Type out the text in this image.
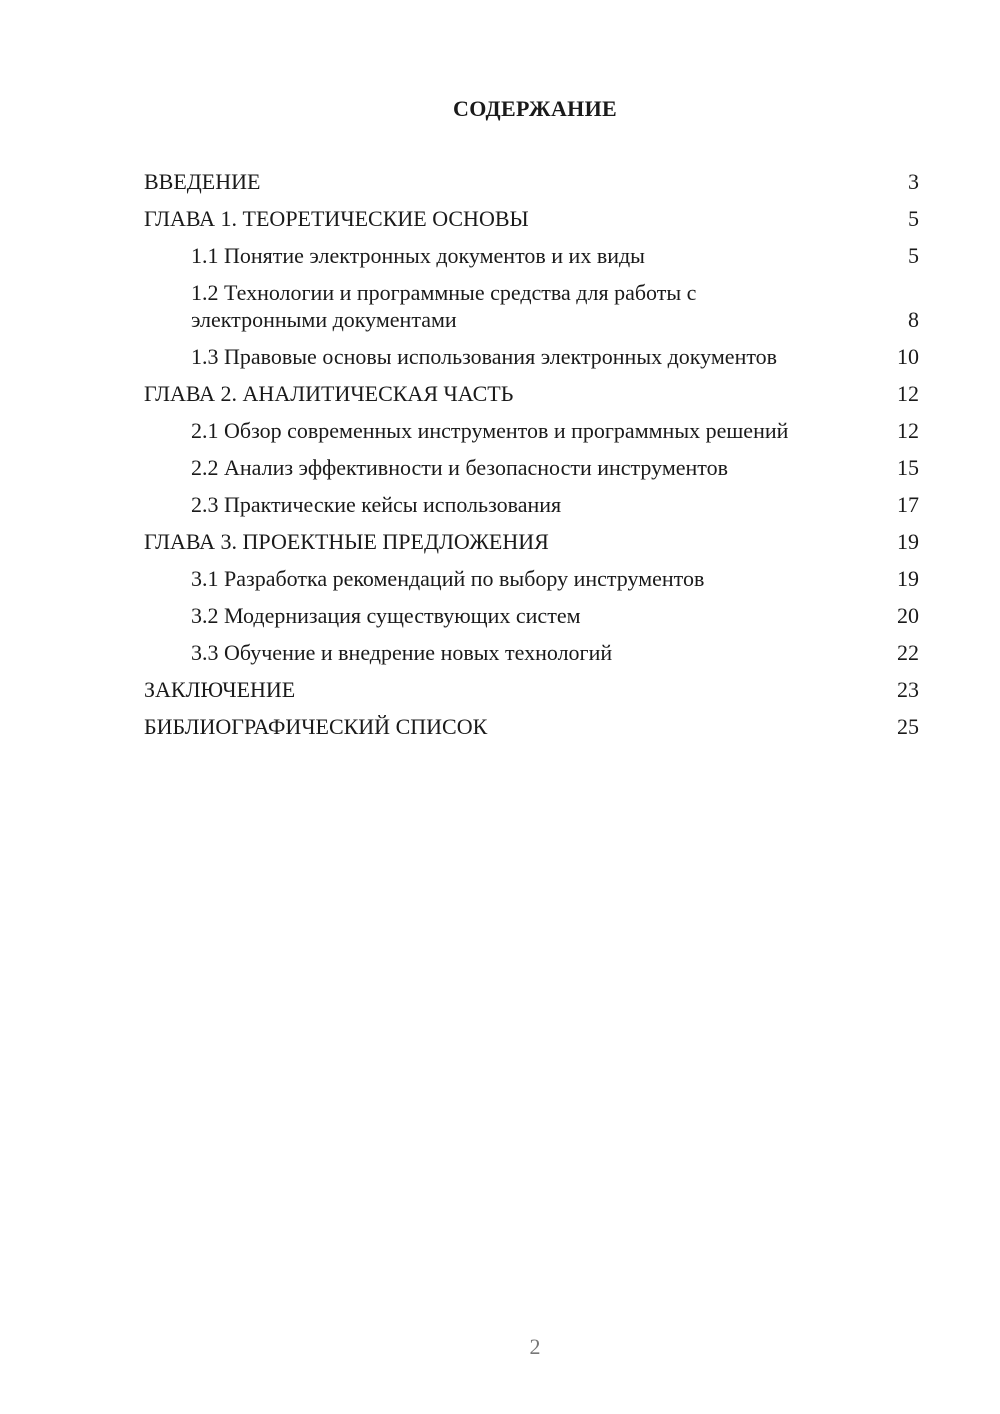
СОДЕРЖАНИЕ
ВВЕДЕНИЕ	3
ГЛАВА 1. ТЕОРЕТИЧЕСКИЕ ОСНОВЫ	5
1.1 Понятие электронных документов и их виды	5
1.2 Технологии и программные средства для работы с электронными документами	8
1.3 Правовые основы использования электронных документов	10
ГЛАВА 2. АНАЛИТИЧЕСКАЯ ЧАСТЬ	12
2.1 Обзор современных инструментов и программных решений	12
2.2 Анализ эффективности и безопасности инструментов	15
2.3 Практические кейсы использования	17
ГЛАВА 3. ПРОЕКТНЫЕ ПРЕДЛОЖЕНИЯ	19
3.1 Разработка рекомендаций по выбору инструментов	19
3.2 Модернизация существующих систем	20
3.3 Обучение и внедрение новых технологий	22
ЗАКЛЮЧЕНИЕ	23
БИБЛИОГРАФИЧЕСКИЙ СПИСОК	25
2
